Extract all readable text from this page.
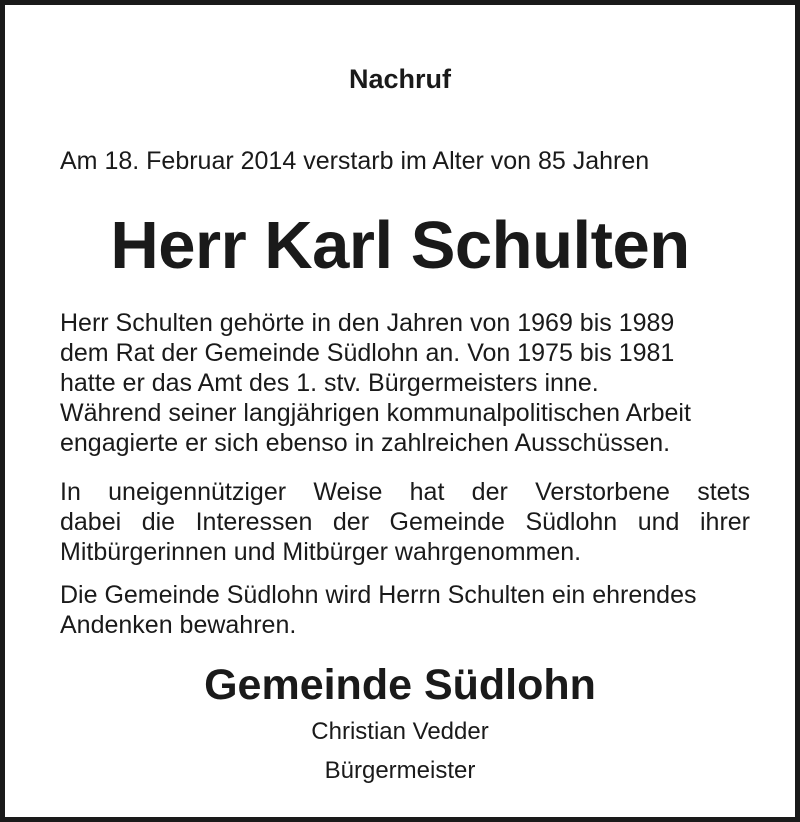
Nachruf
Am 18. Februar 2014 verstarb im Alter von 85 Jahren
Herr Karl Schulten
Herr Schulten gehörte in den Jahren von 1969 bis 1989
dem Rat der Gemeinde Südlohn an. Von 1975 bis 1981
hatte er das Amt des 1. stv. Bürgermeisters inne.
Während seiner langjährigen kommunalpolitischen Arbeit
engagierte er sich ebenso in zahlreichen Ausschüssen.
In uneigennütziger Weise hat der Verstorbene stets
dabei die Interessen der Gemeinde Südlohn und ihrer
Mitbürgerinnen und Mitbürger wahrgenommen.
Die Gemeinde Südlohn wird Herrn Schulten ein ehrendes
Andenken bewahren.
Gemeinde Südlohn
Christian Vedder
Bürgermeister
